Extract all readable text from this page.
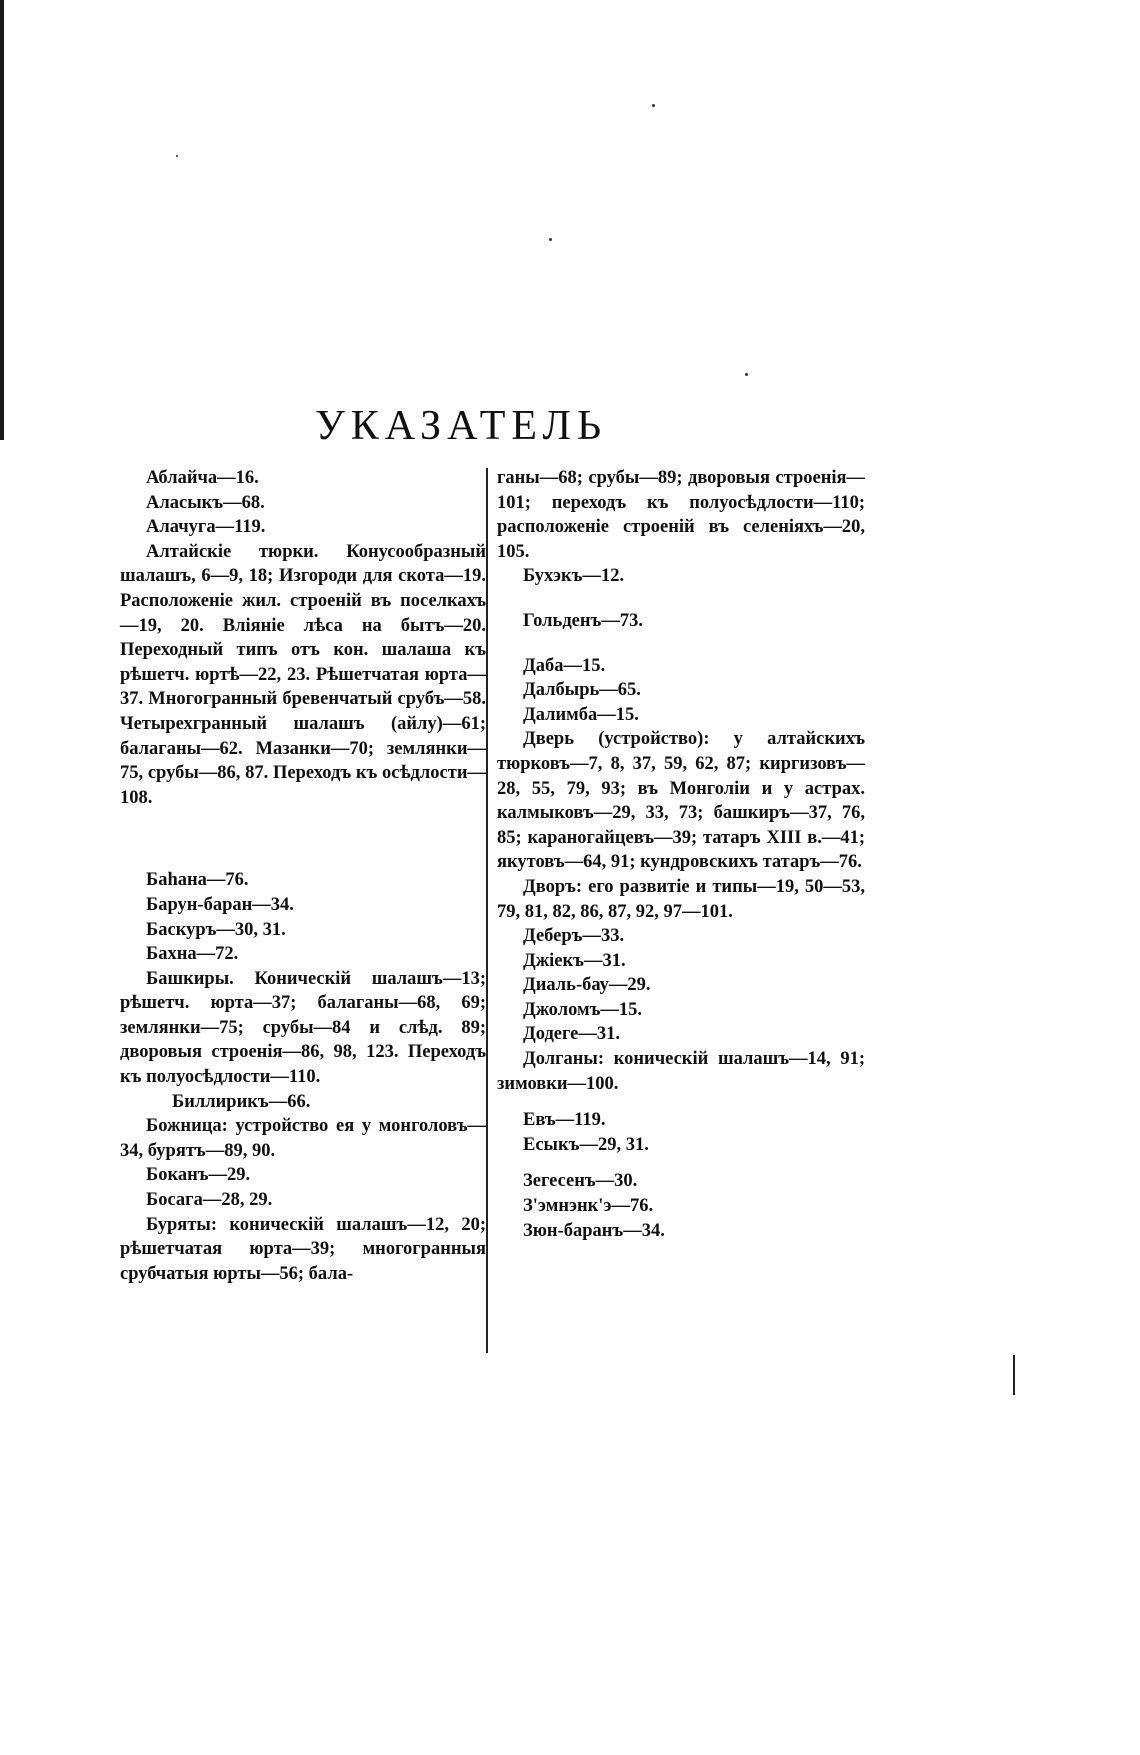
УКАЗАТЕЛЬ
Аблайча—16.
Аласыкъ—68.
Алачуга—119.
Алтайскіе тюрки. Конусообразный шалашъ, 6—9, 18; Изгороди для скота—19. Расположеніе жил. строеній въ поселкахъ—19, 20. Вліяніе лѣса на бытъ—20. Переходный типъ отъ кон. шалаша къ рѣшетч. юртѣ—22, 23. Рѣшетчатая юрта—37. Многогранный бревенчатый срубъ—58. Четырехгранный шалашъ (айлу)—61; балаганы—62. Мазанки—70; землянки—75, срубы—86, 87. Переходъ къ осѣдлости—108.
Баһана—76.
Барун-баран—34.
Баскуръ—30, 31.
Бахна—72.
Башкиры. Коническій шалашъ—13; рѣшетч. юрта—37; балаганы—68, 69; землянки—75; срубы—84 и слѣд. 89; дворовыя строенія—86, 98, 123. Переходъ къ полуосѣдлости—110.
Биллирикъ—66.
Божница: устройство ея у монголовъ—34, бурятъ—89, 90.
Боканъ—29.
Босага—28, 29.
Буряты: коническій шалашъ—12, 20; рѣшетчатая юрта—39; многогранныя срубчатыя юрты—56; бала-
ганы—68; срубы—89; дворовыя строенія—101; переходъ къ полуосѣдлости—110; расположеніе строеній въ селеніяхъ—20, 105.
Бухэкъ—12.
Гольденъ—73.
Даба—15.
Далбырь—65.
Далимба—15.
Дверь (устройство): у алтайскихъ тюрковъ—7, 8, 37, 59, 62, 87; киргизовъ—28, 55, 79, 93; въ Монголіи и у астрах. калмыковъ—29, 33, 73; башкиръ—37, 76, 85; караногайцевъ—39; татаръ XIII в.—41; якутовъ—64, 91; кундровскихъ татаръ—76.
Дворъ: его развитіе и типы—19, 50—53, 79, 81, 82, 86, 87, 92, 97—101.
Деберъ—33.
Джіекъ—31.
Диаль-бау—29.
Джоломъ—15.
Додеге—31.
Долганы: коническій шалашъ—14, 91; зимовки—100.
Евъ—119.
Есыкъ—29, 31.
Зегесенъ—30.
З'эмнэнк'э—76.
Зюн-баранъ—34.
